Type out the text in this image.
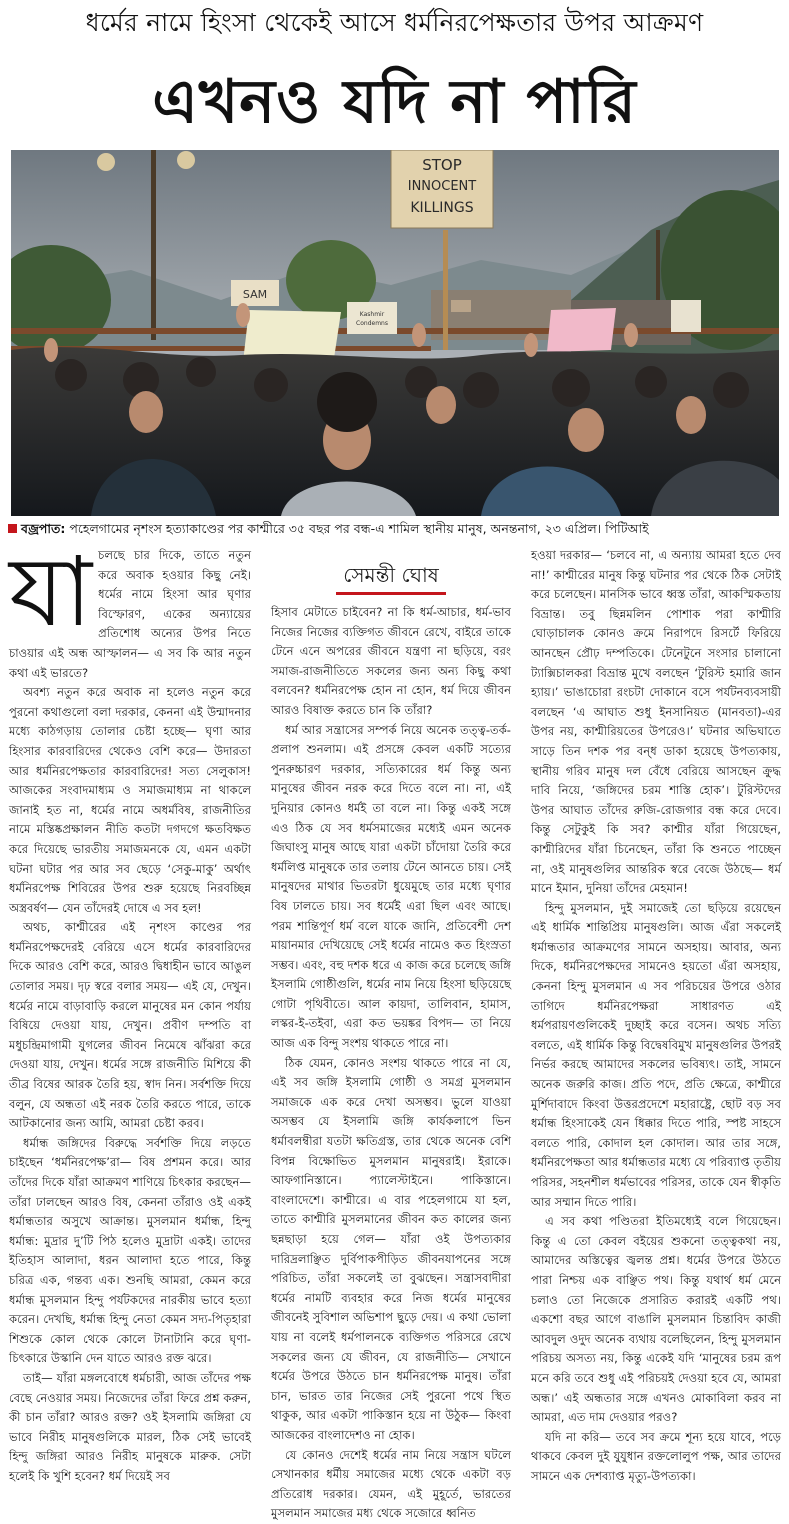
ধর্মের নামে হিংসা থেকেই আসে ধর্মনিরপেক্ষতার উপর আক্রমণ
এখনও যদি না পারি
STOP
INNOCENT
KILLINGS
SAM
Kashmir
Condemns
বজ্রপাত: পহেলগামের নৃশংস হত্যাকাণ্ডের পর কাশ্মীরে ৩৫ বছর পর বন্ধ-এ শামিল স্থানীয় মানুষ, অনন্তনাগ, ২৩ এপ্রিল। পিটিআই
যা চলছে চার দিকে, তাতে নতুন করে অবাক হওয়ার কিছু নেই। ধর্মের নামে হিংসা আর ঘৃণার বিস্ফোরণ, একের অন্যায়ের প্রতিশোধ অন্যের উপর নিতে চাওয়ার এই অন্ধ আস্ফালন— এ সব কি আর নতুন কথা এই ভারতে?

অবশ্য নতুন করে অবাক না হলেও নতুন করে পুরনো কথাগুলো বলা দরকার, কেননা এই উন্মাদনার মধ্যে কাঠগড়ায় তোলার চেষ্টা হচ্ছে— ঘৃণা আর হিংসার কারবারিদের থেকেও বেশি করে— উদারতা আর ধর্মনিরপেক্ষতার কারবারিদের! সত্য সেলুকাস! আজকের সংবাদমাধ্যম ও সমাজমাধ্যম না থাকলে জানাই হত না, ধর্মের নামে অধর্মবিষ, রাজনীতির নামে মস্তিষ্কপ্রক্ষালন নীতি কতটা দগদগে ক্ষতবিক্ষত করে দিয়েছে ভারতীয় সমাজমনকে যে, এমন একটা ঘটনা ঘটার পর আর সব ছেড়ে ‘সেকু-মাকু’ অর্থাৎ ধর্মনিরপেক্ষ শিবিরের উপর শুরু হয়েছে নিরবচ্ছিন্ন অস্ত্রবর্ষণ— যেন তাঁদেরই দোষে এ সব হল!

অথচ, কাশ্মীরের এই নৃশংস কাণ্ডের পর ধর্মনিরপেক্ষদেরই বেরিয়ে এসে ধর্মের কারবারিদের দিকে আরও বেশি করে, আরও দ্বিধাহীন ভাবে আঙুল তোলার সময়। দৃঢ় স্বরে বলার সময়— এই যে, দেখুন। ধর্মের নামে বাড়াবাড়ি করলে মানুষের মন কোন পর্যায় বিষিয়ে দেওয়া যায়, দেখুন। প্রবীণ দম্পতি বা মধুচন্দ্রিমাগামী যুগলের জীবন নিমেষে ঝাঁঝরা করে দেওয়া যায়, দেখুন। ধর্মের সঙ্গে রাজনীতি মিশিয়ে কী তীব্র বিষের আরক তৈরি হয়, স্বাদ নিন। সর্বশক্তি দিয়ে বলুন, যে অন্ধতা এই নরক তৈরি করতে পারে, তাকে আটকানোর জন্য আমি, আমরা চেষ্টা করব।

ধর্মান্ধ জঙ্গিদের বিরুদ্ধে সর্বশক্তি দিয়ে লড়তে চাইছেন ‘ধর্মনিরপেক্ষ’রা— বিষ প্রশমন করে। আর তাঁদের দিকে যাঁরা আক্রমণ শাণিয়ে চিৎকার করছেন— তাঁরা ঢালছেন আরও বিষ, কেননা তাঁরাও ওই একই ধর্মান্ধতার অসুখে আক্রান্ত। মুসলমান ধর্মান্ধ, হিন্দু ধর্মান্ধ: মুদ্রার দু’টি পিঠ হলেও মুদ্রাটা একই। তাদের ইতিহাস আলাদা, ধরন আলাদা হতে পারে, কিন্তু চরিত্র এক, গন্তব্য এক। শুনছি আমরা, কেমন করে ধর্মান্ধ মুসলমান হিন্দু পর্যটকদের নারকীয় ভাবে হত্যা করেন। দেখছি, ধর্মান্ধ হিন্দু নেতা কেমন সদ্য-পিতৃহারা শিশুকে কোল থেকে কোলে টানাটানি করে ঘৃণা-চিৎকারে উস্কানি দেন যাতে আরও রক্ত ঝরে।

তাই— যাঁরা মঙ্গলবোধে ধর্মচারী, আজ তাঁদের পক্ষ বেছে নেওয়ার সময়। নিজেদের তাঁরা ফিরে প্রশ্ন করুন, কী চান তাঁরা? আরও রক্ত? ওই ইসলামি জঙ্গিরা যে ভাবে নিরীহ মানুষগুলিকে মারল, ঠিক সেই ভাবেই হিন্দু জঙ্গিরা আরও নিরীহ মানুষকে মারুক. সেটা হলেই কি খুশি হবেন? ধর্ম দিয়েই সব

সেমন্তী ঘোষ

হিসাব মেটাতে চাইবেন? না কি ধর্ম-আচার, ধর্ম-ভাব নিজের নিজের ব্যক্তিগত জীবনে রেখে, বাইরে তাকে টেনে এনে অপরের জীবনে যন্ত্রণা না ছড়িয়ে, বরং সমাজ-রাজনীতিতে সকলের জন্য অন্য কিছু কথা বলবেন? ধর্মনিরপেক্ষ হোন না হোন, ধর্ম দিয়ে জীবন আরও বিষাক্ত করতে চান কি তাঁরা?

ধর্ম আর সন্ত্রাসের সম্পর্ক নিয়ে অনেক তত্ত্ব-তর্ক-প্রলাপ শুনলাম। এই প্রসঙ্গে কেবল একটি সত্যের পুনরুচ্চারণ দরকার, সত্যিকারের ধর্ম কিন্তু অন্য মানুষের জীবন নরক করে দিতে বলে না। না, এই দুনিয়ার কোনও ধর্মই তা বলে না। কিন্তু একই সঙ্গে এও ঠিক যে সব ধর্মসমাজের মধ্যেই এমন অনেক জিঘাংসু মানুষ আছে যারা একটা চাঁদোয়া তৈরি করে ধর্মলিপ্ত মানুষকে তার তলায় টেনে আনতে চায়। সেই মানুষদের মাথার ভিতরটা ধুয়েমুছে তার মধ্যে ঘৃণার বিষ ঢালতে চায়। সব ধর্মেই এরা ছিল এবং আছে। পরম শান্তিপূর্ণ ধর্ম বলে যাকে জানি, প্রতিবেশী দেশ মায়ানমার দেখিয়েছে সেই ধর্মের নামেও কত হিংস্রতা সম্ভব। এবং, বহু দশক ধরে এ কাজ করে চলেছে জঙ্গি ইসলামি গোষ্ঠীগুলি, ধর্মের নাম নিয়ে হিংসা ছড়িয়েছে গোটা পৃথিবীতে। আল কায়দা, তালিবান, হামাস, লস্কর-ই-তইবা, এরা কত ভয়ঙ্কর বিপদ— তা নিয়ে আজ এক বিন্দু সংশয় থাকতে পারে না।

ঠিক যেমন, কোনও সংশয় থাকতে পারে না যে, এই সব জঙ্গি ইসলামি গোষ্ঠী ও সমগ্র মুসলমান সমাজকে এক করে দেখা অসম্ভব। ভুলে যাওয়া অসম্ভব যে ইসলামি জঙ্গি কার্যকলাপে ভিন ধর্মাবলম্বীরা যতটা ক্ষতিগ্রস্ত, তার থেকে অনেক বেশি বিপন্ন বিক্ষোভিত মুসলমান মানুষরাই। ইরাকে। আফগানিস্তানে। প্যালেস্টাইনে। পাকিস্তানে। বাংলাদেশে। কাশ্মীরে। এ বার পহেলগামে যা হল, তাতে কাশ্মীরি মুসলমানের জীবন কত কালের জন্য ছন্নছাড়া হয়ে গেল— যাঁরা ওই উপত্যকার দারিদ্রলাঞ্ছিত দুর্বিপাকপীড়িত জীবনযাপনের সঙ্গে পরিচিত, তাঁরা সকলেই তা বুঝছেন। সন্ত্রাসবাদীরা ধর্মের নামটি ব্যবহার করে নিজ ধর্মের মানুষের জীবনেই সুবিশাল অভিশাপ ছুড়ে দেয়। এ কথা ভোলা যায় না বলেই ধর্মপালনকে ব্যক্তিগত পরিসরে রেখে সকলের জন্য যে জীবন, যে রাজনীতি— সেখানে ধর্মের উপরে উঠতে চান ধর্মনিরপেক্ষ মানুষ। তাঁরা চান, ভারত তার নিজের সেই পুরনো পথে স্থিত থাকুক, আর একটা পাকিস্তান হয়ে না উঠুক— কিংবা আজকের বাংলাদেশও না হোক।

যে কোনও দেশেই ধর্মের নাম নিয়ে সন্ত্রাস ঘটলে সেখানকার ধর্মীয় সমাজের মধ্যে থেকে একটা বড় প্রতিরোধ দরকার। যেমন, এই মুহূর্তে, ভারতের মুসলমান সমাজের মধ্য থেকে সজোরে ধ্বনিত

হওয়া দরকার— ‘চলবে না, এ অন্যায় আমরা হতে দেব না!’ কাশ্মীরের মানুষ কিন্তু ঘটনার পর থেকে ঠিক সেটাই করে চলেছেন। মানসিক ভাবে ধ্বস্ত তাঁরা, আকস্মিকতায় বিভ্রান্ত। তবু ছিন্নমলিন পোশাক পরা কাশ্মীরি ঘোড়াচালক কোনও ক্রমে নিরাপদে রিসর্টে ফিরিয়ে আনছেন প্রৌঢ় দম্পতিকে। টেনেটুনে সংসার চালানো ট্যাক্সিচালকরা বিভ্রান্ত মুখে বলছেন ‘টুরিস্ট হমারি জান হ্যায়।’ ভাঙাচোরা রংচটা দোকানে বসে পর্যটনব্যবসায়ী বলছেন ‘এ আঘাত শুধু ইনসানিয়ত (মানবতা)-এর উপর নয়, কাশ্মীরিয়তের উপরেও।’ ঘটনার অভিঘাতে সাড়ে তিন দশক পর বন্‌ধ ডাকা হয়েছে উপত্যকায়, স্থানীয় গরিব মানুষ দল বেঁধে বেরিয়ে আসছেন ক্রুদ্ধ দাবি নিয়ে, ‘জঙ্গিদের চরম শাস্তি হোক’। টুরিস্টদের উপর আঘাত তাঁদের রুজি-রোজগার বন্ধ করে দেবে। কিন্তু সেটুকুই কি সব? কাশ্মীর যাঁরা গিয়েছেন, কাশ্মীরিদের যাঁরা চিনেছেন, তাঁরা কি শুনতে পাচ্ছেন না, ওই মানুষগুলির আন্তরিক স্বরে বেজে উঠছে— ধর্ম মানে ইমান, দুনিয়া তাঁদের মেহমান!

হিন্দু মুসলমান, দুই সমাজেই তো ছড়িয়ে রয়েছেন এই ধার্মিক শান্তিপ্রিয় মানুষগুলি। আজ এঁরা সকলেই ধর্মান্ধতার আক্রমণের সামনে অসহায়। আবার, অন্য দিকে, ধর্মনিরপেক্ষদের সামনেও হয়তো এঁরা অসহায়, কেননা হিন্দু মুসলমান এ সব পরিচয়ের উপরে ওঠার তাগিদে ধর্মনিরপেক্ষরা সাধারণত এই ধর্মপরায়ণগুলিকেই দুচ্ছাই করে বসেন। অথচ সত্যি বলতে, এই ধার্মিক কিন্তু বিদ্বেষবিমুখ মানুষগুলির উপরই নির্ভর করছে আমাদের সকলের ভবিষ্যৎ। তাই, সামনে অনেক জরুরি কাজ। প্রতি পদে, প্রতি ক্ষেত্রে, কাশ্মীরে মুর্শিদাবাদে কিংবা উত্তরপ্রদেশে মহারাষ্ট্রে, ছোট বড় সব ধর্মান্ধ হিংসাকেই যেন ধিক্কার দিতে পারি, স্পষ্ট সাহসে বলতে পারি, কোদাল হল কোদাল। আর তার সঙ্গে, ধর্মনিরপেক্ষতা আর ধর্মান্ধতার মধ্যে যে পরিব্যাপ্ত তৃতীয় পরিসর, সহনশীল ধর্মভাবের পরিসর, তাকে যেন স্বীকৃতি আর সম্মান দিতে পারি।

এ সব কথা পণ্ডিতরা ইতিমধ্যেই বলে গিয়েছেন। কিন্তু এ তো কেবল বইয়ের শুকনো তত্ত্বকথা নয়, আমাদের অস্তিত্বের জ্বলন্ত প্রশ্ন। ধর্মের উপরে উঠতে পারা নিশ্চয় এক বাঞ্ছিত পথ। কিন্তু যথার্থ ধর্ম মেনে চলাও তো নিজেকে প্রসারিত করারই একটি পথ। একশো বছর আগে বাঙালি মুসলমান চিন্তাবিদ কাজী আবদুল ওদুদ অনেক ব্যথায় বলেছিলেন, হিন্দু মুসলমান পরিচয় অসত্য নয়, কিন্তু একেই যদি ‘মানুষের চরম রূপ মনে করি তবে শুধু এই পরিচয়ই দেওয়া হবে যে, আমরা অন্ধ।’ এই অন্ধতার সঙ্গে এখনও মোকাবিলা করব না আমরা, এত দাম দেওয়ার পরও?

যদি না করি— তবে সব ক্রমে শূন্য হয়ে যাবে, পড়ে থাকবে কেবল দুই যুযুধান রক্তলোলুপ পক্ষ, আর তাদের সামনে এক দেশব্যাপ্ত মৃত্যু-উপত্যকা।
